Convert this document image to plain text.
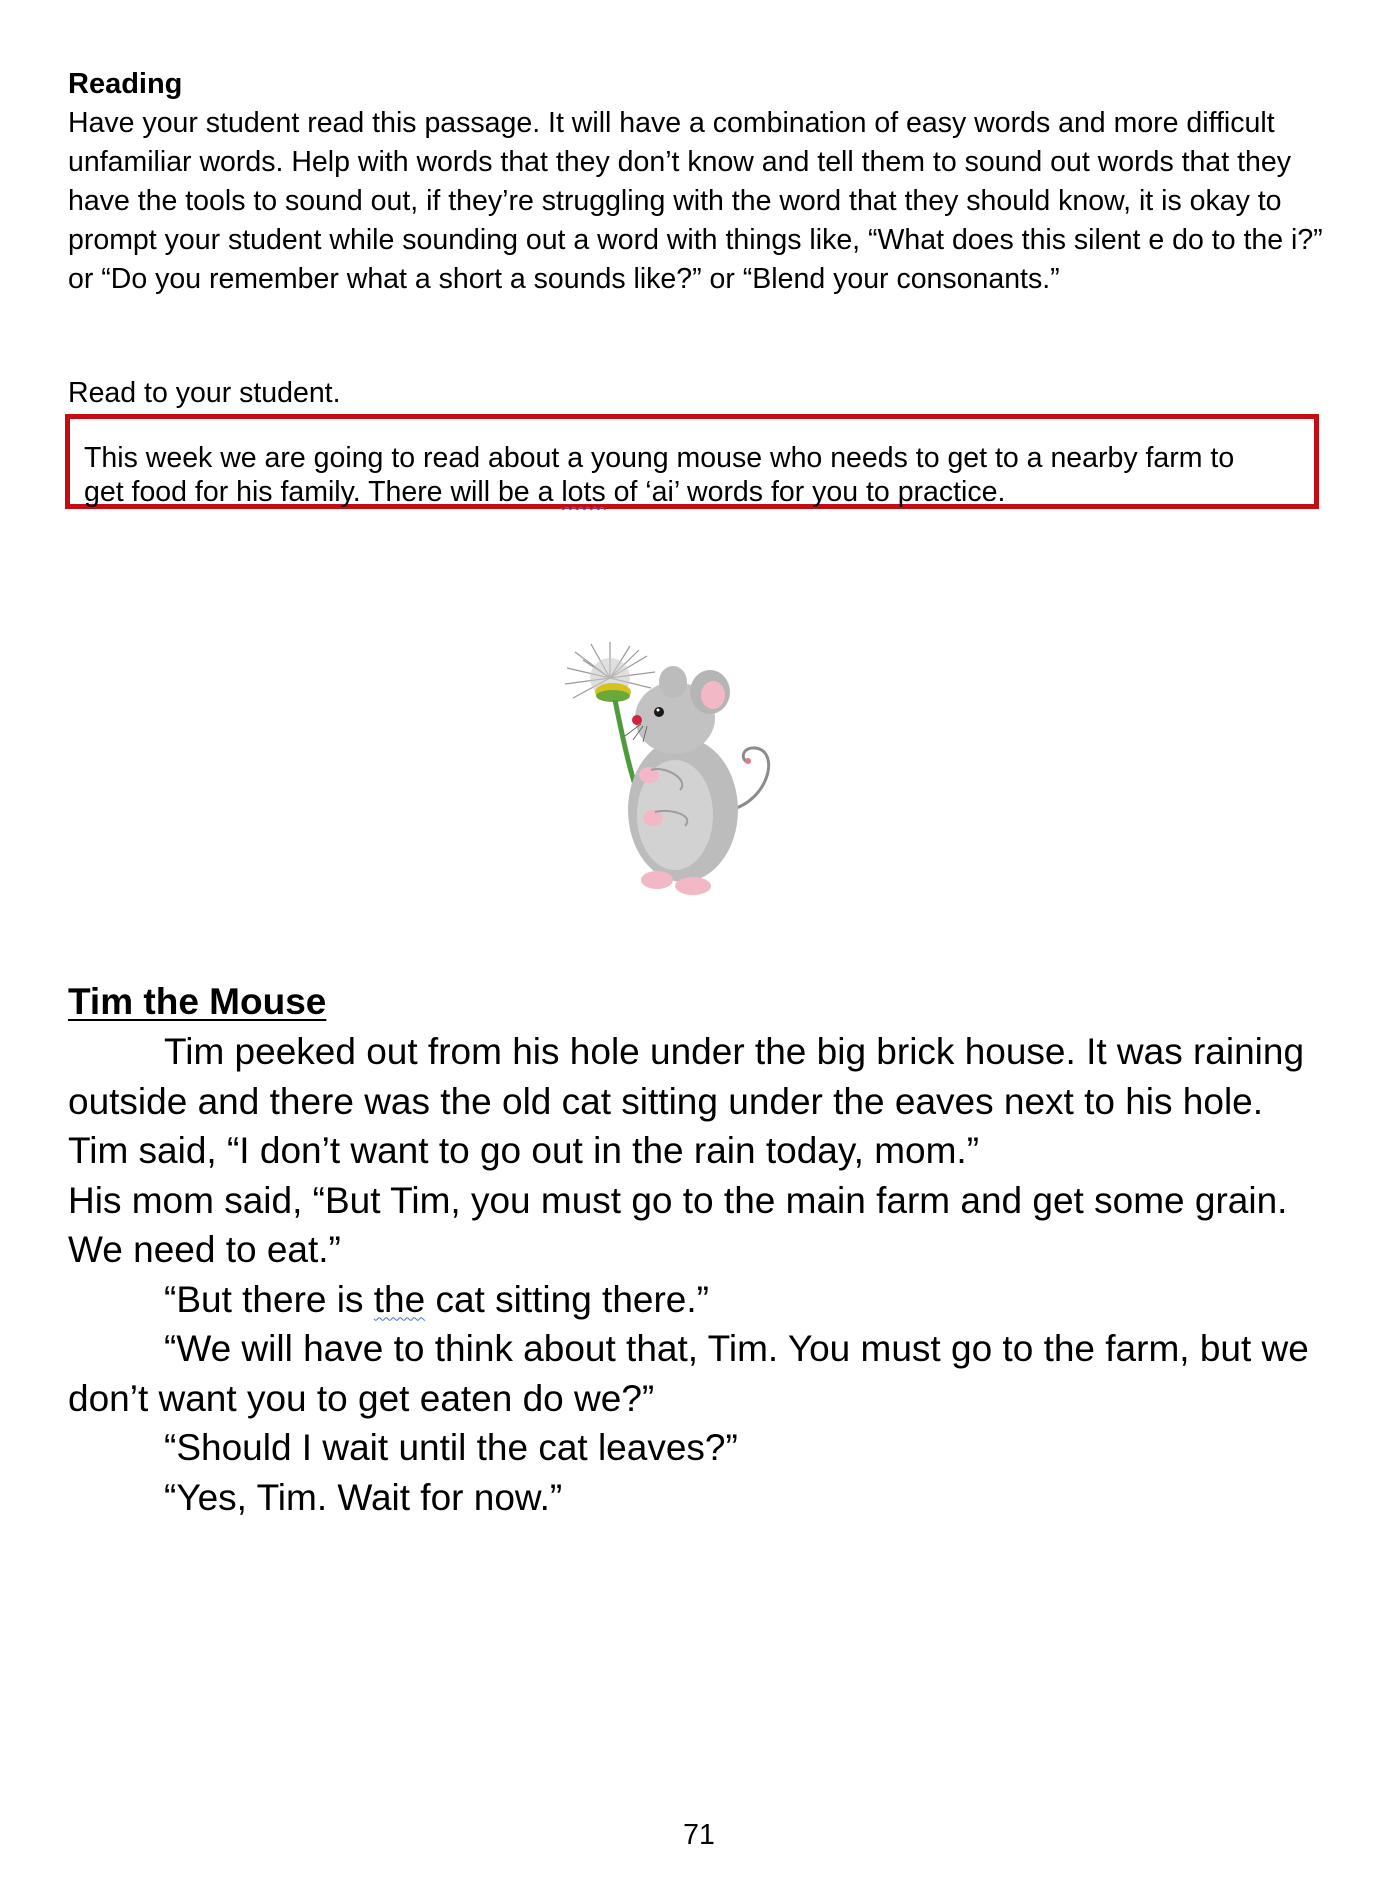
Reading

Have your student read this passage. It will have a combination of easy words and more difficult unfamiliar words. Help with words that they don’t know and tell them to sound out words that they have the tools to sound out, if they’re struggling with the word that they should know, it is okay to prompt your student while sounding out a word with things like, “What does this silent e do to the i?” or “Do you remember what a short a sounds like?” or “Blend your consonants.”

Read to your student.

This week we are going to read about a young mouse who needs to get to a nearby farm to
get food for his family. There will be a lots of ‘ai’ words for you to practice.
Tim the Mouse

Tim peeked out from his hole under the big brick house. It was raining outside and there was the old cat sitting under the eaves next to his hole.

Tim said, “I don’t want to go out in the rain today, mom.”

His mom said, “But Tim, you must go to the main farm and get some grain. We need to eat.”

“But there is the cat sitting there.”

“We will have to think about that, Tim. You must go to the farm, but we don’t want you to get eaten do we?”

“Should I wait until the cat leaves?”

“Yes, Tim. Wait for now.”

71
